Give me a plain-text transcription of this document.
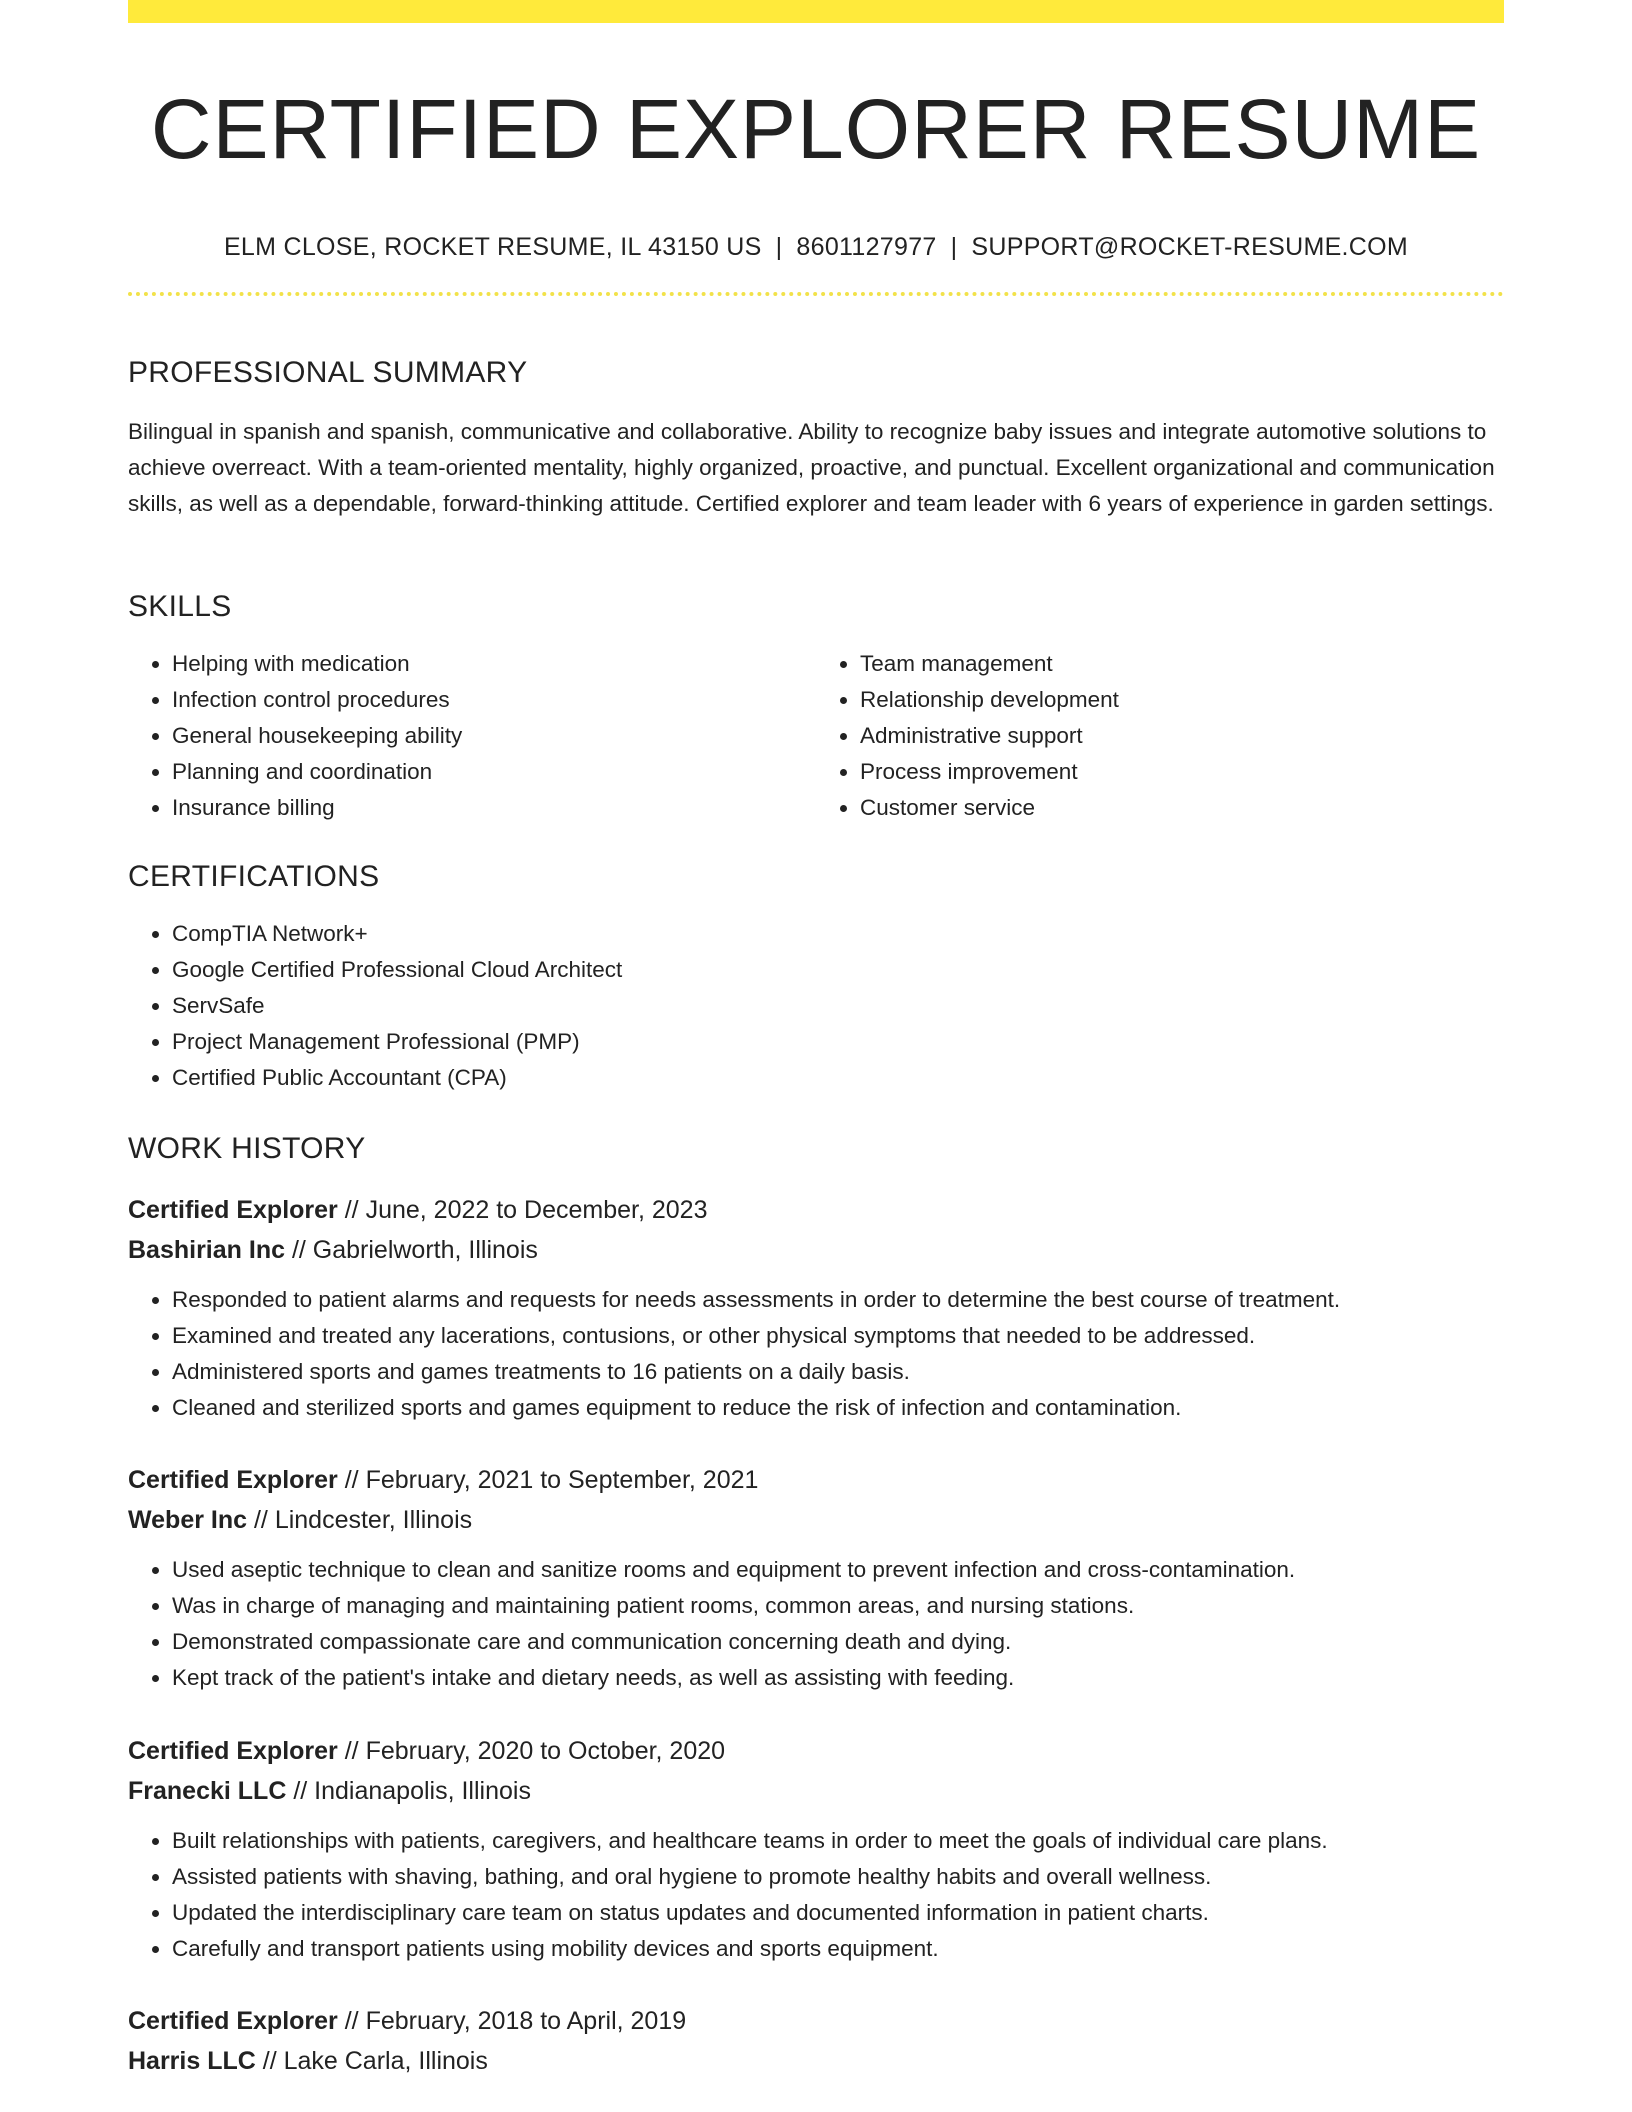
CERTIFIED EXPLORER RESUME
ELM CLOSE, ROCKET RESUME, IL 43150 US | 8601127977 | SUPPORT@ROCKET-RESUME.COM
PROFESSIONAL SUMMARY

Bilingual in spanish and spanish, communicative and collaborative. Ability to recognize baby issues and integrate automotive solutions to achieve overreact. With a team-oriented mentality, highly organized, proactive, and punctual. Excellent organizational and communication skills, as well as a dependable, forward-thinking attitude. Certified explorer and team leader with 6 years of experience in garden settings.

SKILLS
• Helping with medication
• Infection control procedures
• General housekeeping ability
• Planning and coordination
• Insurance billing
• Team management
• Relationship development
• Administrative support
• Process improvement
• Customer service
CERTIFICATIONS
• CompTIA Network+
• Google Certified Professional Cloud Architect
• ServSafe
• Project Management Professional (PMP)
• Certified Public Accountant (CPA)
WORK HISTORY
Certified Explorer // June, 2022 to December, 2023
Bashirian Inc // Gabrielworth, Illinois
• Responded to patient alarms and requests for needs assessments in order to determine the best course of treatment.
• Examined and treated any lacerations, contusions, or other physical symptoms that needed to be addressed.
• Administered sports and games treatments to 16 patients on a daily basis.
• Cleaned and sterilized sports and games equipment to reduce the risk of infection and contamination.
Certified Explorer // February, 2021 to September, 2021
Weber Inc // Lindcester, Illinois
• Used aseptic technique to clean and sanitize rooms and equipment to prevent infection and cross-contamination.
• Was in charge of managing and maintaining patient rooms, common areas, and nursing stations.
• Demonstrated compassionate care and communication concerning death and dying.
• Kept track of the patient's intake and dietary needs, as well as assisting with feeding.
Certified Explorer // February, 2020 to October, 2020
Franecki LLC // Indianapolis, Illinois
• Built relationships with patients, caregivers, and healthcare teams in order to meet the goals of individual care plans.
• Assisted patients with shaving, bathing, and oral hygiene to promote healthy habits and overall wellness.
• Updated the interdisciplinary care team on status updates and documented information in patient charts.
• Carefully and transport patients using mobility devices and sports equipment.
Certified Explorer // February, 2018 to April, 2019
Harris LLC // Lake Carla, Illinois
